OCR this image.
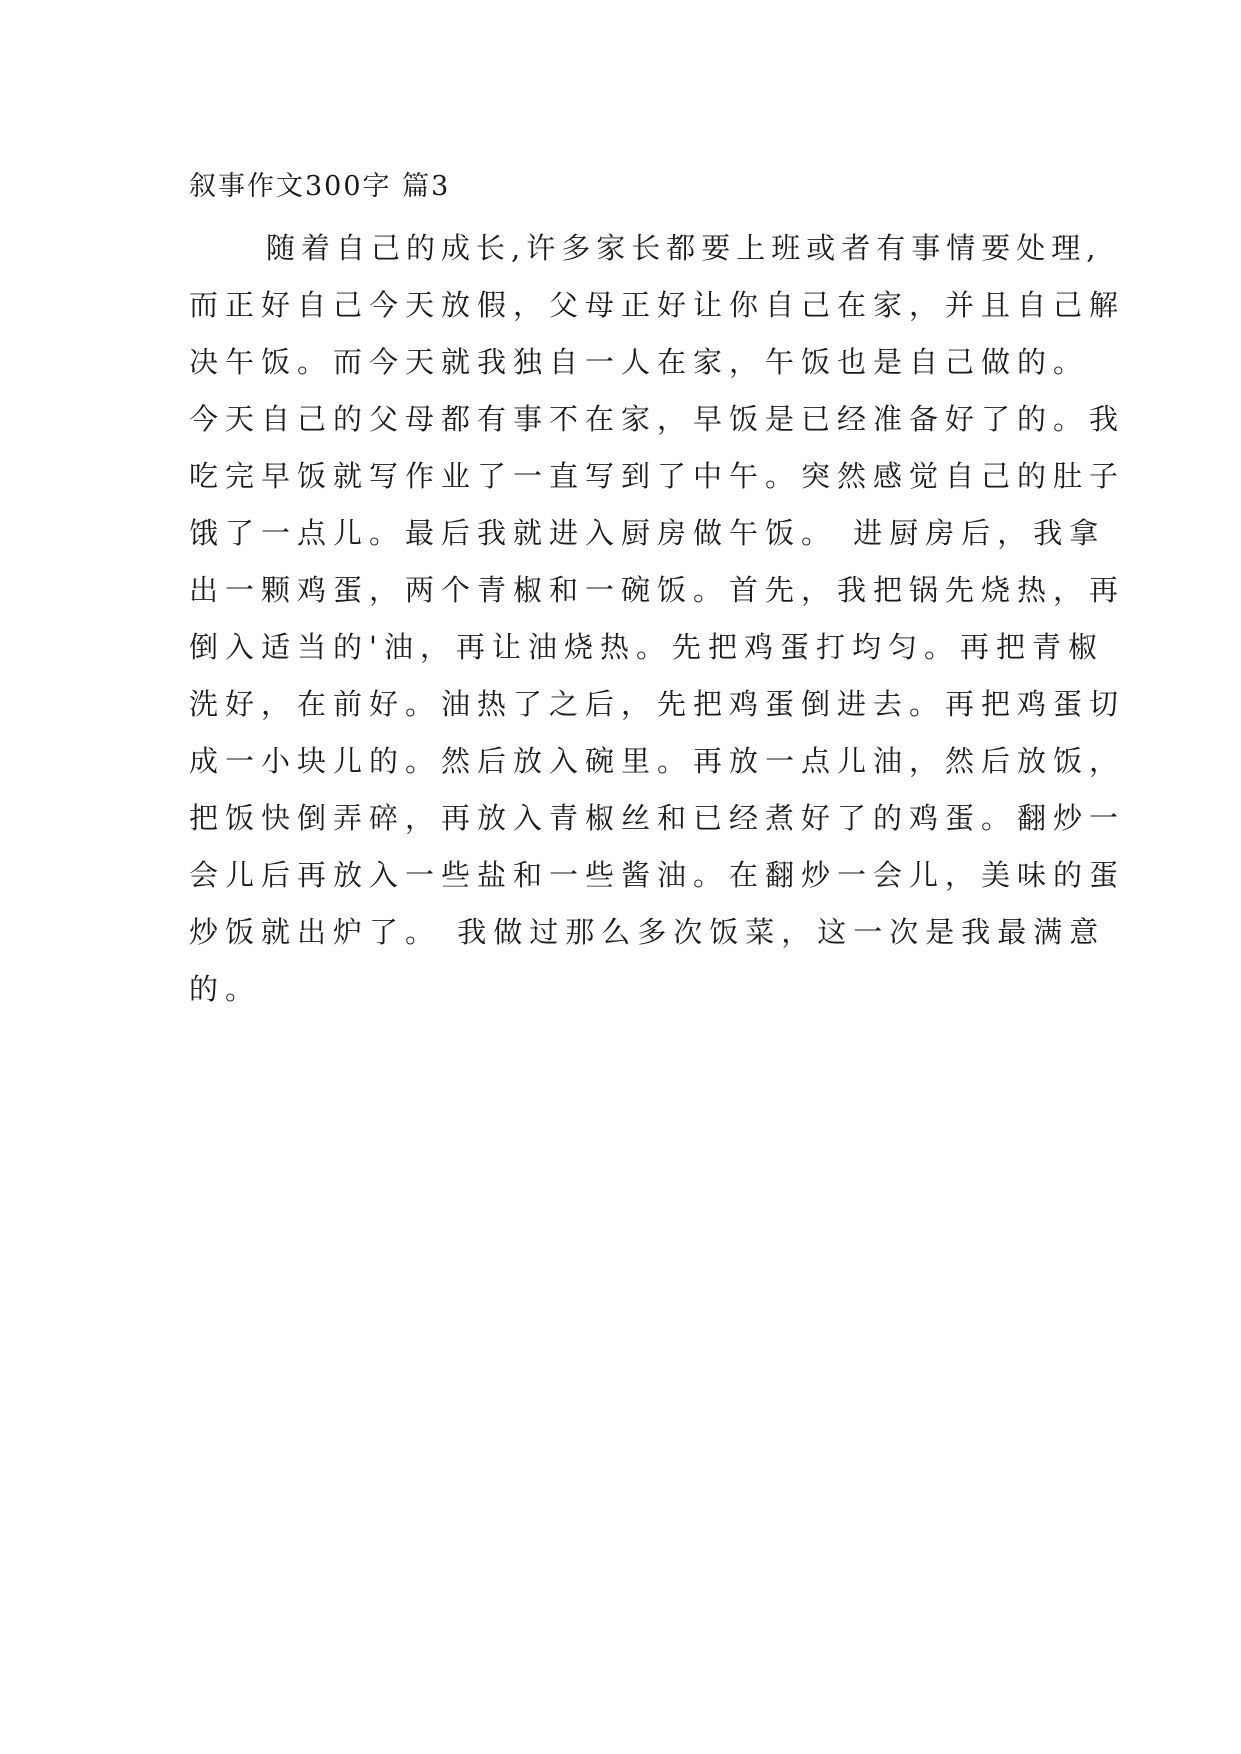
叙事作文300字 篇3

随着自己的成长,许多家长都要上班或者有事情要处理,

而正好自己今天放假，父母正好让你自己在家，并且自己解

决午饭。而今天就我独自一人在家，午饭也是自己做的。

今天自己的父母都有事不在家，早饭是已经准备好了的。我

吃完早饭就写作业了一直写到了中午。突然感觉自己的肚子

饿了一点儿。最后我就进入厨房做午饭。 进厨房后，我拿

出一颗鸡蛋，两个青椒和一碗饭。首先，我把锅先烧热，再

倒入适当的'油，再让油烧热。先把鸡蛋打均匀。再把青椒

洗好，在前好。油热了之后，先把鸡蛋倒进去。再把鸡蛋切

成一小块儿的。然后放入碗里。再放一点儿油，然后放饭，

把饭快倒弄碎，再放入青椒丝和已经煮好了的鸡蛋。翻炒一

会儿后再放入一些盐和一些酱油。在翻炒一会儿，美味的蛋

炒饭就出炉了。 我做过那么多次饭菜，这一次是我最满意

的。
